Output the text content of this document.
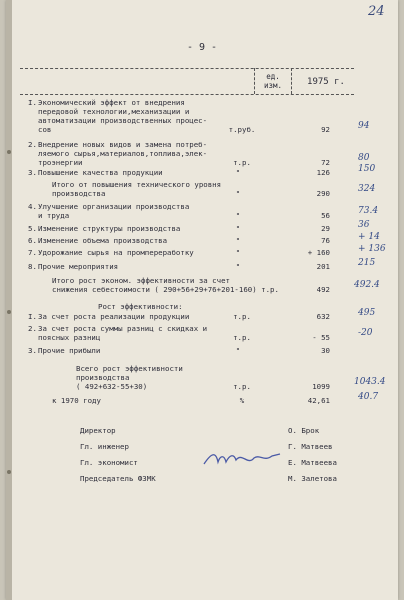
24
- 9 -
ед.
изм.	1975 г.
I. Экономический эффект от внедрения
передовой технологии,механизации и
автоматизации производственных процес-
сов	т.руб.	92	94
2. Внедрение новых видов и замена потреб-
ляемого сырья,материалов,топлива,элек-
троэнергии	т.р.	72	80
3. Повышение качества продукции	"	126	150
Итого от повышения технического уровня
производства	"	290	324
4. Улучшение организации производства
и труда	"	56	73.4
5. Изменение структуры производства	"	29	36
6. Изменение объема производства	"	76	+ 14
7. Удорожание сырья на промпереработку	"	+ 160	+ 136
8. Прочие мероприятия	"	201	215
Итого рост эконом. эффективности за счет
снижения себестоимости ( 290+56+29+76+201-160) т.р.	492	492.4
Рост эффективности:
I. За счет роста реализации продукции	т.р.	632	495
2. За счет роста суммы разниц с скидках и
поясных разниц	т.р.	- 55	-20
3. Прочие прибыли	"	30
Всего рост эффективности
производства
( 492+632-55+30)	т.р.	1099	1043.4
к 1970 году	%	42,61	40.7
Директор	О. Брок
Гл. инженер	Г. Матвеев
Гл. экономист	Е. Матвеева
Председатель ФЗМК	М. Залетова
